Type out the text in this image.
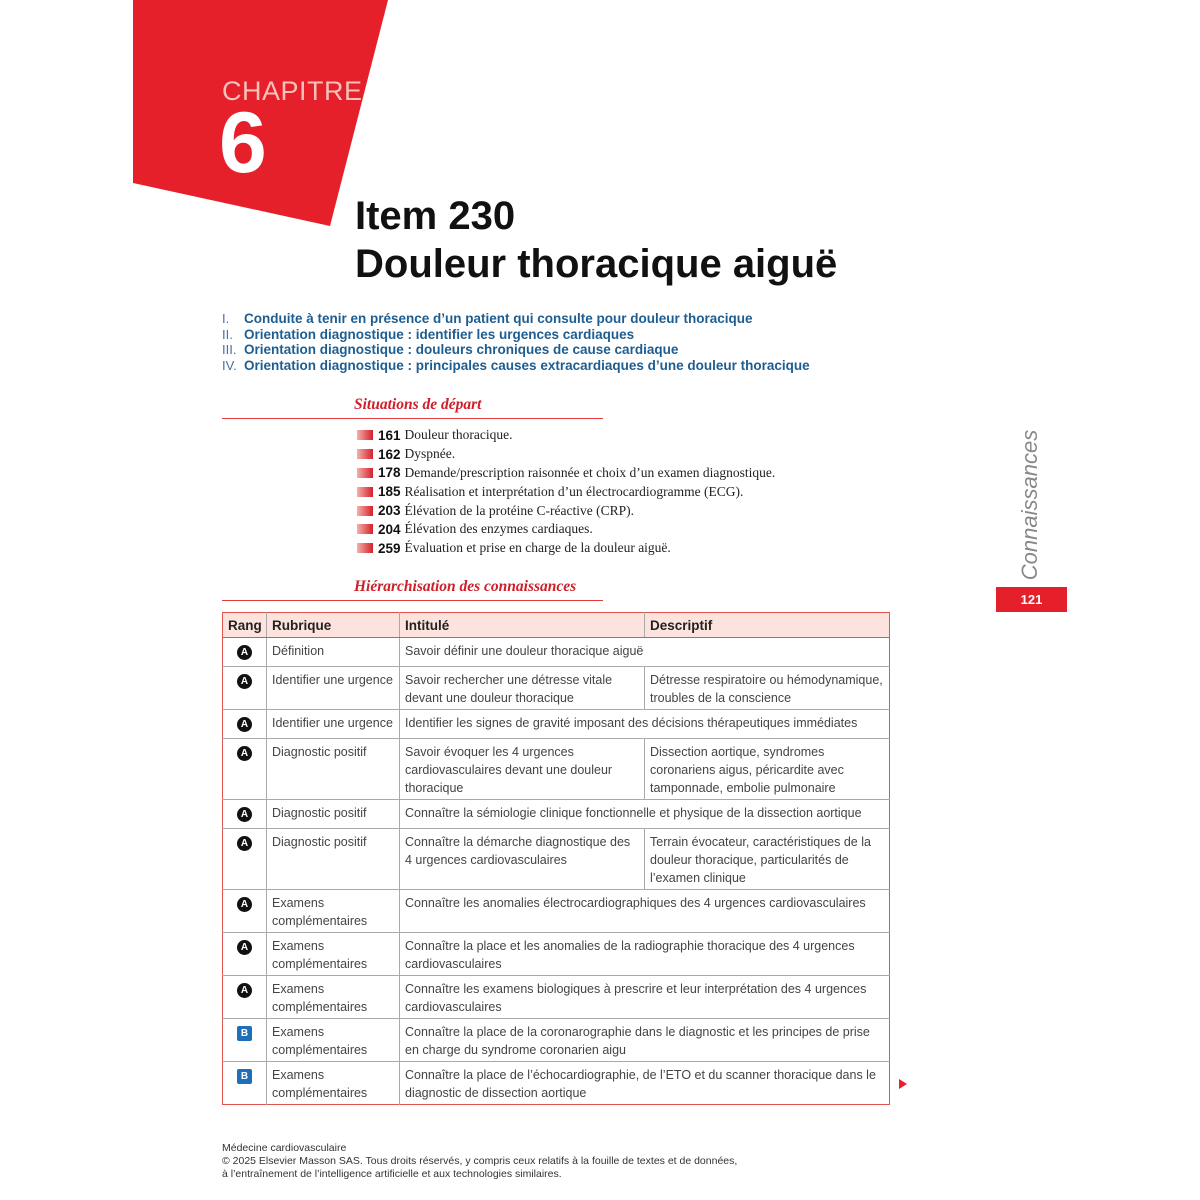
CHAPITRE
6
Item 230
Douleur thoracique aiguë
I.	Conduite à tenir en présence d’un patient qui consulte pour douleur thoracique
II. Orientation diagnostique : identifier les urgences cardiaques
III. Orientation diagnostique : douleurs chroniques de cause cardiaque
IV. Orientation diagnostique : principales causes extracardiaques d’une douleur thoracique
Situations de départ
161 Douleur thoracique.
162 Dyspnée.
178 Demande/prescription raisonnée et choix d’un examen diagnostique.
185 Réalisation et interprétation d’un électrocardiogramme (ECG).
203 Élévation de la protéine C-réactive (CRP).
204 Élévation des enzymes cardiaques.
259 Évaluation et prise en charge de la douleur aiguë.	Connaissances
121
Hiérarchisation des connaissances
Rang	Rubrique	Intitulé	Descriptif
A	Définition	Savoir définir une douleur thoracique aiguë	
A	Identifier une urgence	Savoir rechercher une détresse vitale devant une douleur thoracique	Détresse respiratoire ou hémodynamique, troubles de la conscience
A	Identifier une urgence	Identifier les signes de gravité imposant des décisions thérapeutiques immédiates	
A	Diagnostic positif	Savoir évoquer les 4 urgences cardiovasculaires devant une douleur thoracique	Dissection aortique, syndromes coronariens aigus, péricardite avec tamponnade, embolie pulmonaire
A	Diagnostic positif	Connaître la sémiologie clinique fonctionnelle et physique de la dissection aortique	
A	Diagnostic positif	Connaître la démarche diagnostique des 4 urgences cardiovasculaires	Terrain évocateur, caractéristiques de la douleur thoracique, particularités de l’examen clinique
A	Examens complémentaires	Connaître les anomalies électrocardiographiques des 4 urgences cardiovasculaires	
A	Examens complémentaires	Connaître la place et les anomalies de la radiographie thoracique des 4 urgences cardiovasculaires	
A	Examens complémentaires	Connaître les examens biologiques à prescrire et leur interprétation des 4 urgences cardiovasculaires	
B	Examens complémentaires	Connaître la place de la coronarographie dans le diagnostic et les principes de prise en charge du syndrome coronarien aigu	
B	Examens complémentaires	Connaître la place de l’échocardiographie, de l’ETO et du scanner thoracique dans le diagnostic de dissection aortique	
Médecine cardiovasculaire
© 2025 Elsevier Masson SAS. Tous droits réservés, y compris ceux relatifs à la fouille de textes et de données,
à l’entraînement de l’intelligence artificielle et aux technologies similaires.
